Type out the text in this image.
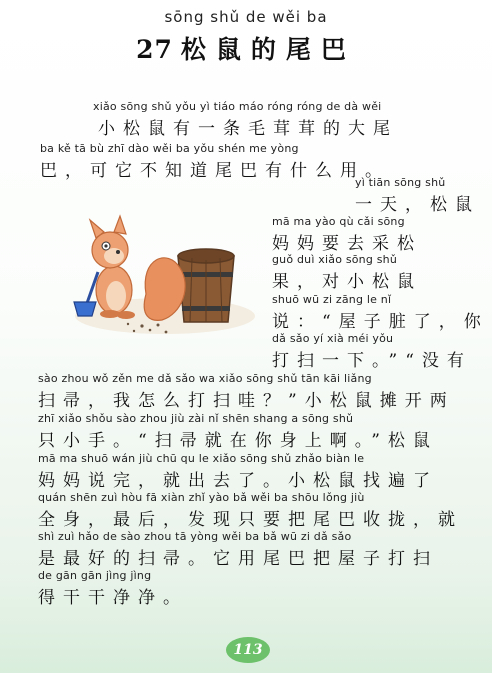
sōng shǔ de wěi ba
27 松鼠的尾巴
xiǎo sōng shǔ yǒu yì tiáo máo róng róng de dà wěi
小松鼠有一条毛茸茸的大尾
ba kě tā bù zhī dào wěi ba yǒu shén me yòng
巴，可它不知道尾巴有什么用。
yì tiān sōng shǔ
一天，松鼠
mā ma yào qù cǎi sōng
妈妈要去采松
guǒ duì xiǎo sōng shǔ
果，对小松鼠
shuō wū zi zāng le nǐ
说：“屋子脏了，你
dǎ sǎo yí xià méi yǒu
打扫一下。”“没有
sào zhou wǒ zěn me dǎ sǎo wa xiǎo sōng shǔ tān kāi liǎng
扫帚，我怎么打扫哇？”小松鼠摊开两
zhī xiǎo shǒu sào zhou jiù zài nǐ shēn shang a sōng shǔ
只小手。“扫帚就在你身上啊。”松鼠
mā ma shuō wán jiù chū qu le xiǎo sōng shǔ zhǎo biàn le
妈妈说完，就出去了。小松鼠找遍了
quán shēn zuì hòu fā xiàn zhǐ yào bǎ wěi ba shōu lǒng jiù
全身，最后，发现只要把尾巴收拢，就
shì zuì hǎo de sào zhou tā yòng wěi ba bǎ wū zi dǎ sǎo
是最好的扫帚。它用尾巴把屋子打扫
de gān gān jìng jìng
得干干净净。
113
